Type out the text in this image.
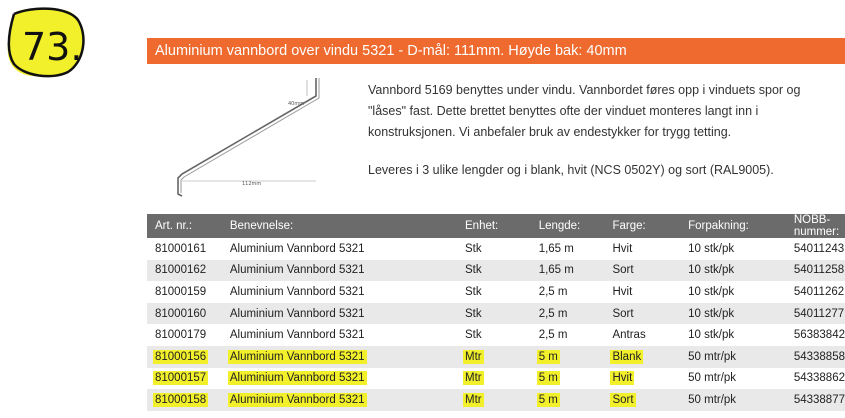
73.	Aluminium vannbord over vindu 5321 - D-mål: 111mm. Høyde bak: 40mm
40mm
112mm

Vannbord 5169 benyttes under vindu. Vannbordet føres opp i vinduets spor og "låses" fast. Dette brettet benyttes ofte der vinduet monteres langt inn i konstruksjonen. Vi anbefaler bruk av endestykker for trygg tetting.

Leveres i 3 ulike lengder og i blank, hvit (NCS 0502Y) og sort (RAL9005).

Art. nr.:	Benevnelse:	Enhet:	Lengde:	Farge:	Forpakning:	NOBB-nummer:
81000161	Aluminium Vannbord 5321	Stk	1,65 m	Hvit	10 stk/pk	54011243
81000162	Aluminium Vannbord 5321	Stk	1,65 m	Sort	10 stk/pk	54011258
81000159	Aluminium Vannbord 5321	Stk	2,5 m	Hvit	10 stk/pk	54011262
81000160	Aluminium Vannbord 5321	Stk	2,5 m	Sort	10 stk/pk	54011277
81000179	Aluminium Vannbord 5321	Stk	2,5 m	Antras	10 stk/pk	56383842
81000156	Aluminium Vannbord 5321	Mtr	5 m	Blank	50 mtr/pk	54338858
81000157	Aluminium Vannbord 5321	Mtr	5 m	Hvit	50 mtr/pk	54338862
81000158	Aluminium Vannbord 5321	Mtr	5 m	Sort	50 mtr/pk	54338877
